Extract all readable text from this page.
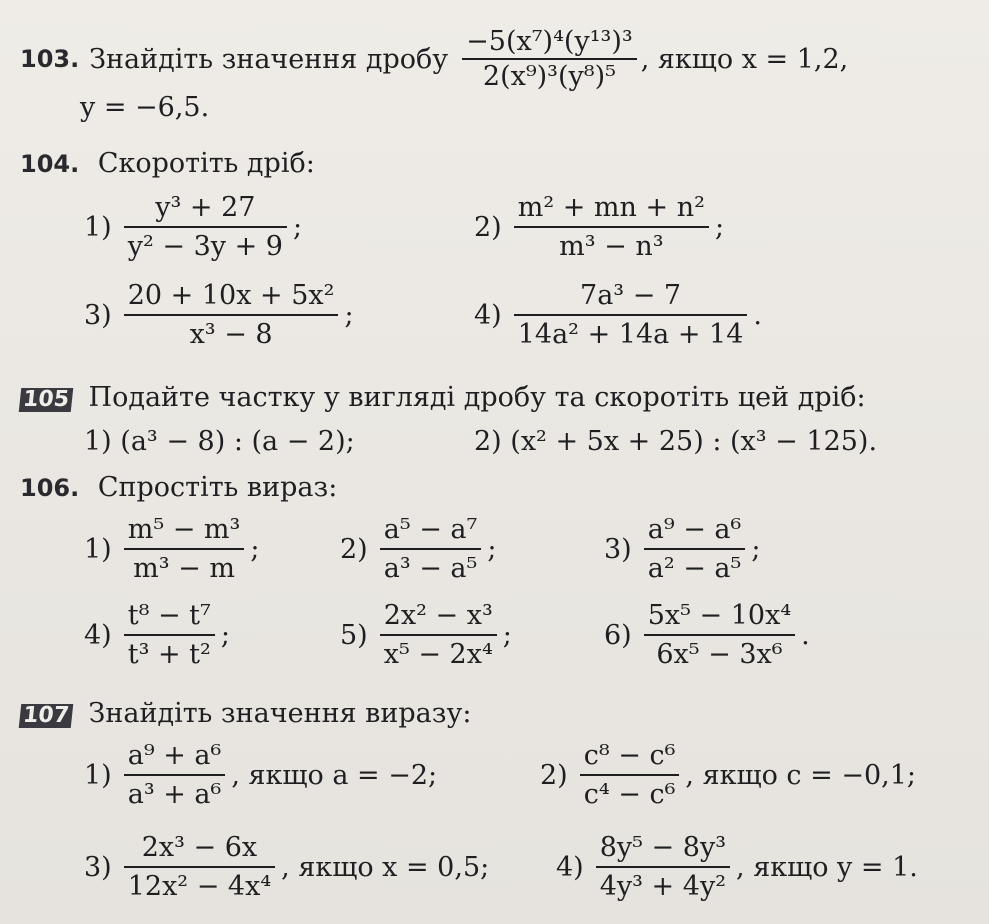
103. Знайдіть значення дробу $\frac{\text{−5(x⁷)⁴(y¹³)³}}{\text{2(x⁹)³(y⁸)⁵}}$ , якщо x = 1,2,
y = −6,5.
104. Скоротіть дріб:
$1) \frac{\text{y³ + 27}}{\text{y² − 3y + 9}}$ ;	$2) \frac{\text{m² + mn + n²}}{\text{m³ − n³}}$ ;
$3) \frac{\text{20 + 10x + 5x²}}{\text{x³ − 8}}$ ;	$4) \frac{\text{7a³ − 7}}{\text{14a² + 14a + 14}}$ .
105 Подайте частку у вигляді дробу та скоротіть цей дріб:
1) (a³ − 8) : (a − 2);	2) (x² + 5x + 25) : (x³ − 125).
106. Спростіть вираз:
$1) \frac{\text{m⁵ − m³}}{\text{m³ − m}}$ ;	$2) \frac{\text{a⁵ − a⁷}}{\text{a³ − a⁵}}$ ;	$3) \frac{\text{a⁹ − a⁶}}{\text{a² − a⁵}}$ ;
$4) \frac{\text{t⁸ − t⁷}}{\text{t³ + t²}}$ ;	$5) \frac{\text{2x² − x³}}{\text{x⁵ − 2x⁴}}$ ;	$6) \frac{\text{5x⁵ − 10x⁴}}{\text{6x⁵ − 3x⁶}}$ .
107 Знайдіть значення виразу:
$1) \frac{\text{a⁹ + a⁶}}{\text{a³ + a⁶}}$ , якщо a = −2;	$2) \frac{\text{c⁸ − c⁶}}{\text{c⁴ − c⁶}}$ , якщо c = −0,1;
$3) \frac{\text{2x³ − 6x}}{\text{12x² − 4x⁴}}$ , якщо x = 0,5; $4) \frac{\text{8y⁵ − 8y³}}{\text{4y³ + 4y²}}$ , якщо y = 1.
